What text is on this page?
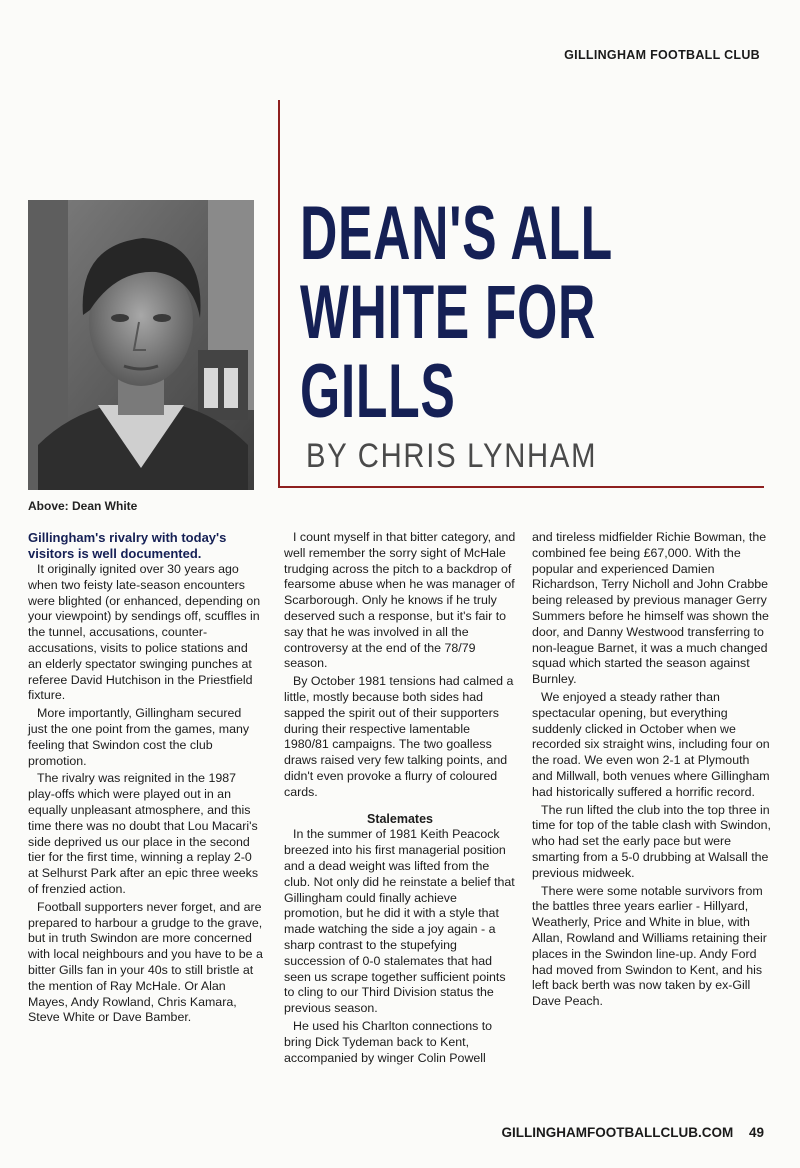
GILLINGHAM FOOTBALL CLUB
Above: Dean White
DEAN'S ALL
WHITE FOR
GILLS
BY CHRIS LYNHAM

Gillingham's rivalry with today's visitors is well documented.

It originally ignited over 30 years ago when two feisty late-season encounters were blighted (or enhanced, depending on your viewpoint) by sendings off, scuffles in the tunnel, accusations, counter-accusations, visits to police stations and an elderly spectator swinging punches at referee David Hutchison in the Priestfield fixture.

More importantly, Gillingham secured just the one point from the games, many feeling that Swindon cost the club promotion.

The rivalry was reignited in the 1987 play-offs which were played out in an equally unpleasant atmosphere, and this time there was no doubt that Lou Macari's side deprived us our place in the second tier for the first time, winning a replay 2-0 at Selhurst Park after an epic three weeks of frenzied action.

Football supporters never forget, and are prepared to harbour a grudge to the grave, but in truth Swindon are more concerned with local neighbours and you have to be a bitter Gills fan in your 40s to still bristle at the mention of Ray McHale. Or Alan Mayes, Andy Rowland, Chris Kamara, Steve White or Dave Bamber.

I count myself in that bitter category, and well remember the sorry sight of McHale trudging across the pitch to a backdrop of fearsome abuse when he was manager of Scarborough. Only he knows if he truly deserved such a response, but it's fair to say that he was involved in all the controversy at the end of the 78/79 season.

By October 1981 tensions had calmed a little, mostly because both sides had sapped the spirit out of their supporters during their respective lamentable 1980/81 campaigns. The two goalless draws raised very few talking points, and didn't even provoke a flurry of coloured cards.

Stalemates

In the summer of 1981 Keith Peacock breezed into his first managerial position and a dead weight was lifted from the club. Not only did he reinstate a belief that Gillingham could finally achieve promotion, but he did it with a style that made watching the side a joy again - a sharp contrast to the stupefying succession of 0-0 stalemates that had seen us scrape together sufficient points to cling to our Third Division status the previous season.

He used his Charlton connections to bring Dick Tydeman back to Kent, accompanied by winger Colin Powell

and tireless midfielder Richie Bowman, the combined fee being £67,000. With the popular and experienced Damien Richardson, Terry Nicholl and John Crabbe being released by previous manager Gerry Summers before he himself was shown the door, and Danny Westwood transferring to non-league Barnet, it was a much changed squad which started the season against Burnley.

We enjoyed a steady rather than spectacular opening, but everything suddenly clicked in October when we recorded six straight wins, including four on the road. We even won 2-1 at Plymouth and Millwall, both venues where Gillingham had historically suffered a horrific record.

The run lifted the club into the top three in time for top of the table clash with Swindon, who had set the early pace but were smarting from a 5-0 drubbing at Walsall the previous midweek.

There were some notable survivors from the battles three years earlier - Hillyard, Weatherly, Price and White in blue, with Allan, Rowland and Williams retaining their places in the Swindon line-up. Andy Ford had moved from Swindon to Kent, and his left back berth was now taken by ex-Gill Dave Peach.

GILLINGHAMFOOTBALLCLUB.COM 49
